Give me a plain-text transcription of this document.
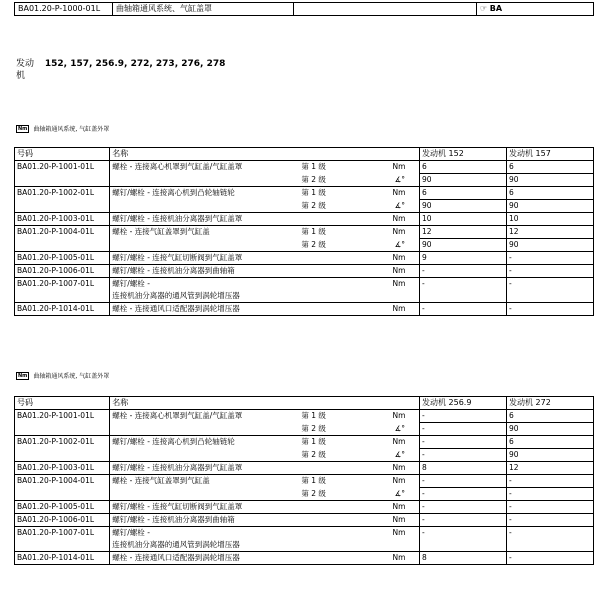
BA01.20-P-1000-01L	曲轴箱通风系统、气缸盖罩		☞ BA
发动机 152, 157, 256.9, 272, 273, 276, 278
Nm	曲轴箱通风系统, 气缸盖外罩
号码	名称			发动机 152	发动机 157
BA01.20-P-1001-01L	螺栓 - 连接离心机罩到气缸盖/气缸盖罩	第 1 级	Nm	6	6
		第 2 级	∡°	90	90
BA01.20-P-1002-01L	螺钉/螺栓 - 连接离心机到凸轮轴链轮	第 1 级	Nm	6	6
		第 2 级	∡°	90	90
BA01.20-P-1003-01L	螺钉/螺栓 - 连接机油分离器到气缸盖罩		Nm	10	10
BA01.20-P-1004-01L	螺栓 - 连接气缸盖罩到气缸盖	第 1 级	Nm	12	12
		第 2 级	∡°	90	90
BA01.20-P-1005-01L	螺钉/螺栓 - 连接气缸切断阀到气缸盖罩		Nm	9	-
BA01.20-P-1006-01L	螺钉/螺栓 - 连接机油分离器到曲轴箱		Nm	-	-
BA01.20-P-1007-01L	螺钉/螺栓 -
连接机油分离器的通风管到涡轮增压器		Nm	-	-

BA01.20-P-1014-01L	螺栓 - 连接通风口适配器到涡轮增压器		Nm	-	-
Nm	曲轴箱通风系统, 气缸盖外罩
号码	名称			发动机 256.9	发动机 272
BA01.20-P-1001-01L	螺栓 - 连接离心机罩到气缸盖/气缸盖罩	第 1 级	Nm	-	6
		第 2 级	∡°	-	90
BA01.20-P-1002-01L	螺钉/螺栓 - 连接离心机到凸轮轴链轮	第 1 级	Nm	-	6
		第 2 级	∡°	-	90
BA01.20-P-1003-01L	螺钉/螺栓 - 连接机油分离器到气缸盖罩		Nm	8	12
BA01.20-P-1004-01L	螺栓 - 连接气缸盖罩到气缸盖	第 1 级	Nm	-	-
		第 2 级	∡°	-	-
BA01.20-P-1005-01L	螺钉/螺栓 - 连接气缸切断阀到气缸盖罩		Nm	-	-
BA01.20-P-1006-01L	螺钉/螺栓 - 连接机油分离器到曲轴箱		Nm	-	-
BA01.20-P-1007-01L	螺钉/螺栓 -
连接机油分离器的通风管到涡轮增压器		Nm	-	-

BA01.20-P-1014-01L	螺栓 - 连接通风口适配器到涡轮增压器		Nm	8	-
